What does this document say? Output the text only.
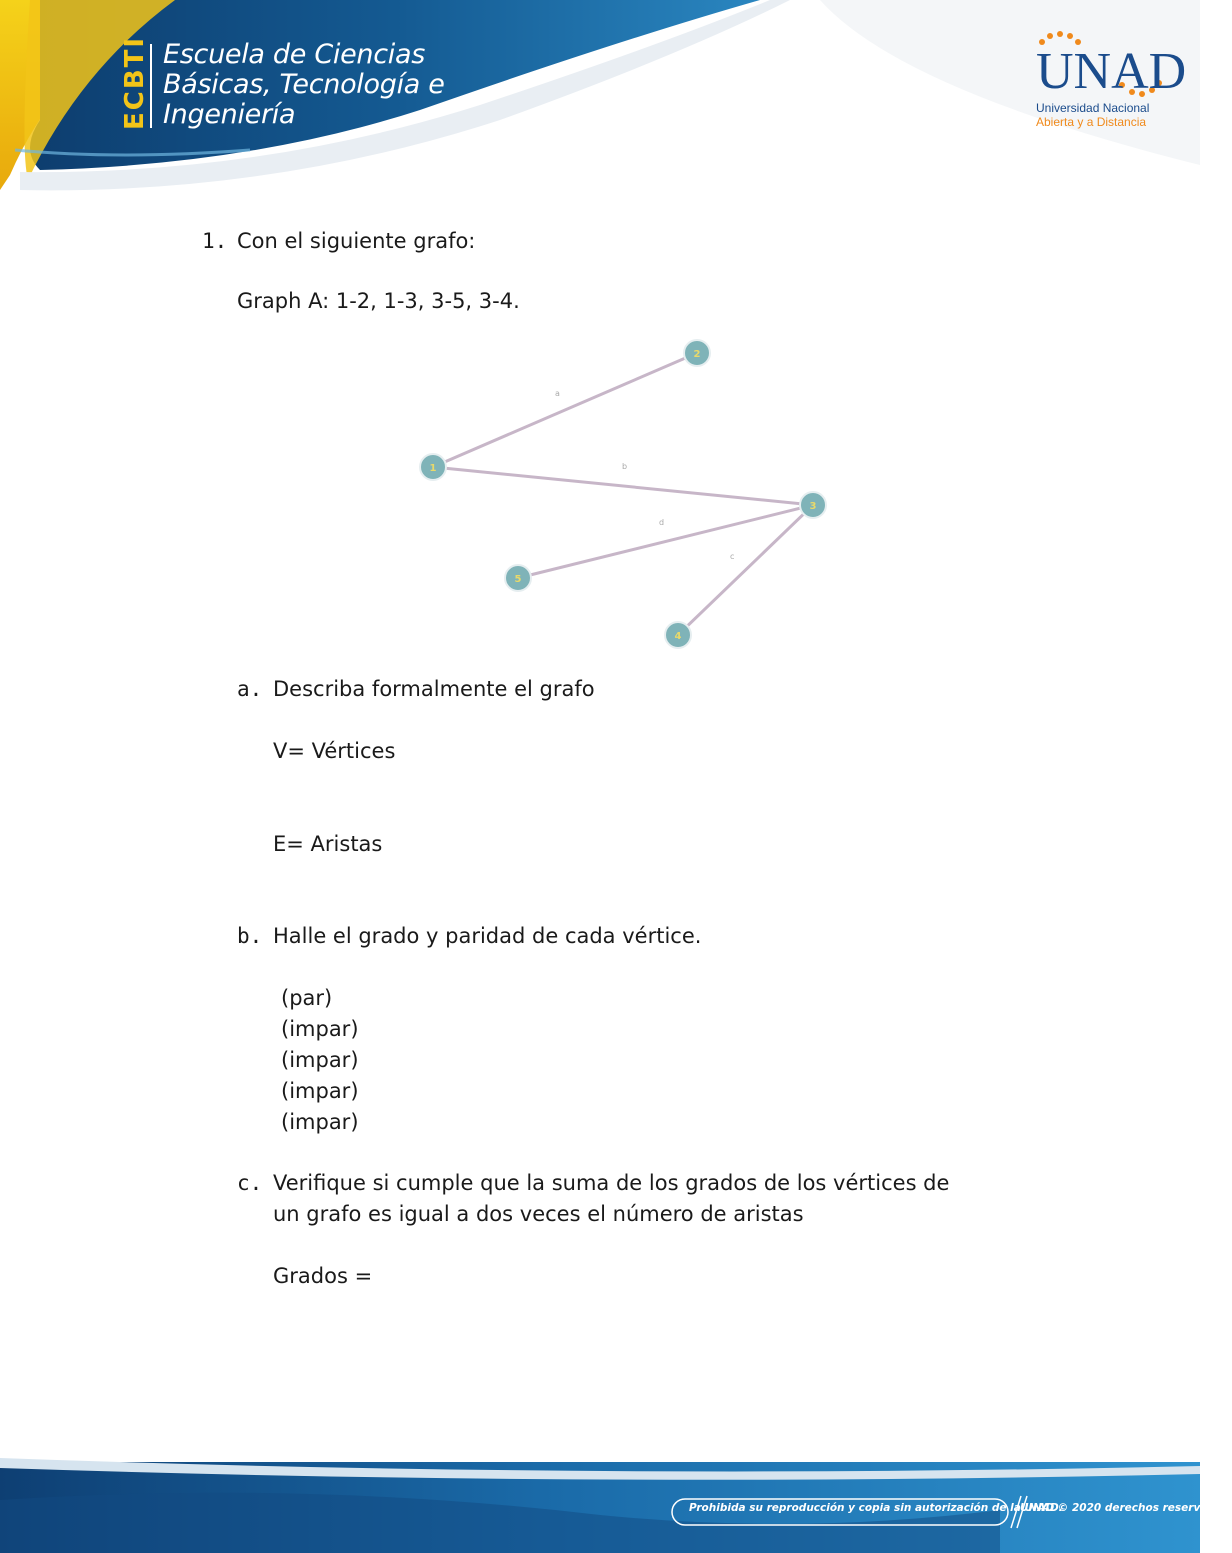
ECBTI Escuela de Ciencias
Básicas, Tecnología e
Ingeniería
UNAD
Universidad Nacional
Abierta y a Distancia
1. Con el siguiente grafo:
Graph A: 1-2, 1-3, 3-5, 3-4.
a
b
c
d
1
2
3
4
5
a. Describa formalmente el grafo
V= Vértices
E= Aristas
b. Halle el grado y paridad de cada vértice.
(par)
(impar)
(impar)
(impar)
(impar)
c. Verifique si cumple que la suma de los grados de los vértices de
un grafo es igual a dos veces el número de aristas
Grados =
Prohibida su reproducción y copia sin autorización de la UNAD.
UNAD © 2020 derechos reservados.
